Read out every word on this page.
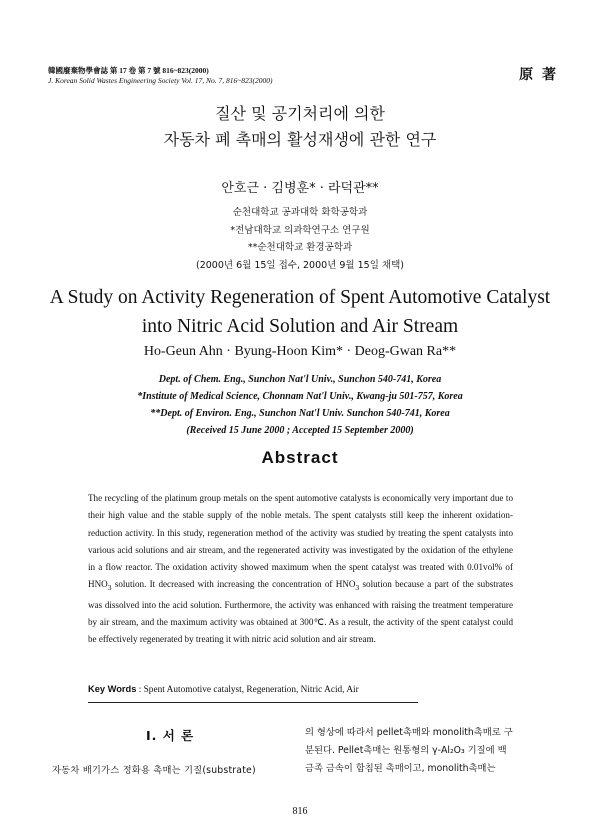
韓國廢棄物學會誌 第 17 卷 第 7 號 816~823(2000)
J. Korean Solid Wastes Engineering Society Vol. 17, No. 7, 816~823(2000)	原 著
질산 및 공기처리에 의한
자동차 폐 촉매의 활성재생에 관한 연구
안호근 · 김병훈* · 라덕관**
순천대학교 공과대학 화학공학과
*전남대학교 의과학연구소 연구원
**순천대학교 환경공학과
(2000년 6월 15일 접수, 2000년 9월 15일 채택)
A Study on Activity Regeneration of Spent Automotive Catalyst
into Nitric Acid Solution and Air Stream
Ho-Geun Ahn · Byung-Hoon Kim* · Deog-Gwan Ra**
Dept. of Chem. Eng., Sunchon Nat'l Univ., Sunchon 540-741, Korea
*Institute of Medical Science, Chonnam Nat'l Univ., Kwang-ju 501-757, Korea
**Dept. of Environ. Eng., Sunchon Nat'l Univ. Sunchon 540-741, Korea
(Received 15 June 2000 ; Accepted 15 September 2000)
Abstract
The recycling of the platinum group metals on the spent automotive catalysts is economically very important due to their high value and the stable supply of the noble metals. The spent catalysts still keep the inherent oxidation-reduction activity. In this study, regeneration method of the activity was studied by treating the spent catalysts into various acid solutions and air stream, and the regenerated activity was investigated by the oxidation of the ethylene in a flow reactor. The oxidation activity showed maximum when the spent catalyst was treated with 0.01vol% of $HNO_3$ solution. It decreased with increasing the concentration of $HNO_3$ solution because a part of the substrates was dissolved into the acid solution. Furthermore, the activity was enhanced with raising the treatment temperature by air stream, and the maximum activity was obtained at 300℃. As a result, the activity of the spent catalyst could be effectively regenerated by treating it with nitric acid solution and air stream.
Key Words : Spent Automotive catalyst, Regeneration, Nitric Acid, Air
Ⅰ. 서 론
자동차 배기가스 정화용 촉매는 기질(substrate)
의 형상에 따라서 pellet촉매와 monolith촉매로 구
분된다. Pellet촉매는 원통형의 γ-Al₂O₃ 기질에 백
금족 금속이 함침된 촉매이고, monolith촉매는
816
